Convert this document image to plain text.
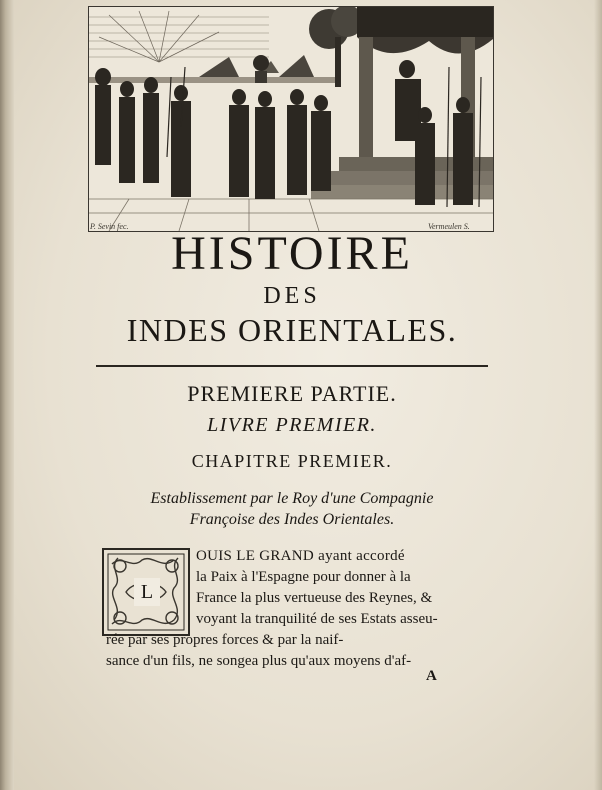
P. Sevin fec.	Vermeulen S.
HISTOIRE
DES
INDES ORIENTALES.
PREMIERE PARTIE.
LIVRE PREMIER.
CHAPITRE PREMIER.
Establissement par le Roy d'une Compagnie
Françoise des Indes Orientales.
L
OUIS LE GRAND ayant accordé
la Paix à l'Espagne pour donner à la
France la plus vertueuse des Reynes, &
voyant la tranquilité de ses Estats asseu-
rée par ses propres forces & par la naif-
sance d'un fils, ne songea plus qu'aux moyens d'af-
A
